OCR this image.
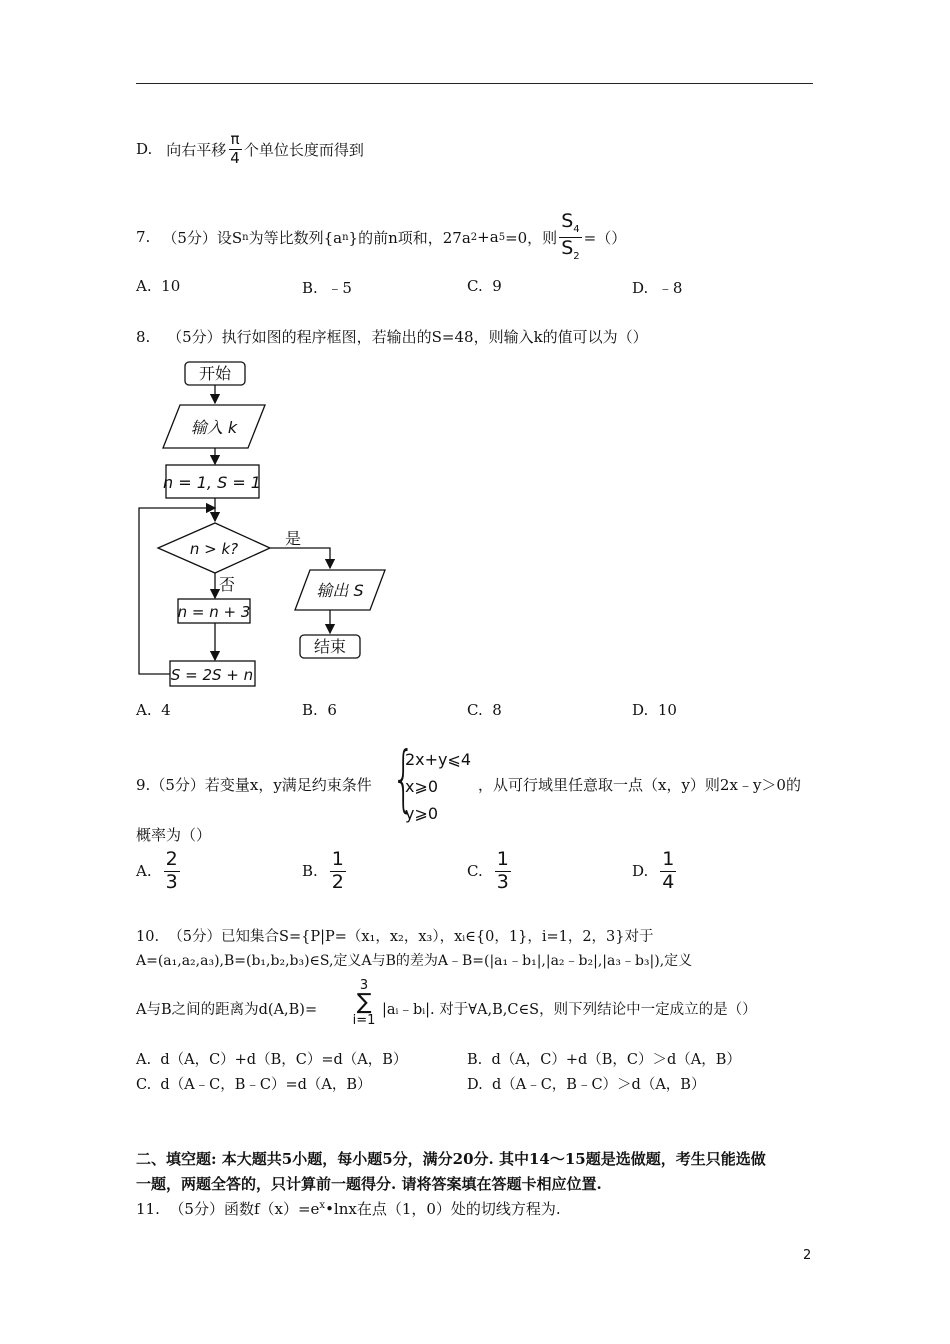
D. 向右平移 $\frac{\pi}{4}$ 个单位长度而得到
7. （5分） 设S n 为等比数列{a n }的前n项和，27a 2 +a 5 =0，则 $\frac{S_4}{S_2}$ =（）
A. 10	B. ﹣5	C. 9	D. ﹣8
8. （5分）执行如图的程序框图，若输出的S=48，则输入k的值可以为（）
开始
输入 k
n = 1, S = 1
n > k?
是
否
n = n + 3
S = 2S + n
输出 S
结束
A. 4	B. 6	C. 8	D. 10
9.（5分）若变量x，y满足约束条件 {
2x+y⩽4
x⩾0
y⩾0
，从可行域里任意取一点（x，y）则2x﹣y＞0的
概率为（）
A. $\frac{2}{3}$	B. $\frac{1}{2}$	C. $\frac{1}{3}$	D. $\frac{1}{4}$
10. （5分）已知集合S={P|P=（x₁，x₂，x₃），xᵢ∈{0，1}，i=1，2，3}对于
A=(a₁,a₂,a₃),B=(b₁,b₂,b₃)∈S,定义A与B的差为A﹣B=(|a₁﹣b₁|,|a₂﹣b₂|,|a₃﹣b₃|),定义
A与B之间的距离为d(A,B)=
3
∑
i=1
|aᵢ﹣bᵢ|. 对于∀A,B,C∈S，则下列结论中一定成立的是（）
A. d（A，C）+d（B，C）=d（A，B）	B. d（A，C）+d（B，C）＞d（A，B）
C. d（A﹣C，B﹣C）=d（A，B）	D. d（A﹣C，B﹣C）＞d（A，B）
二、填空题: 本大题共5小题，每小题5分，满分20分. 其中14～15题是选做题，考生只能选做
一题，两题全答的，只计算前一题得分. 请将答案填在答题卡相应位置.
11. （5分）函数$f(x)=e^x•\ln x$在点（1，0）处的切线方程为.
2
